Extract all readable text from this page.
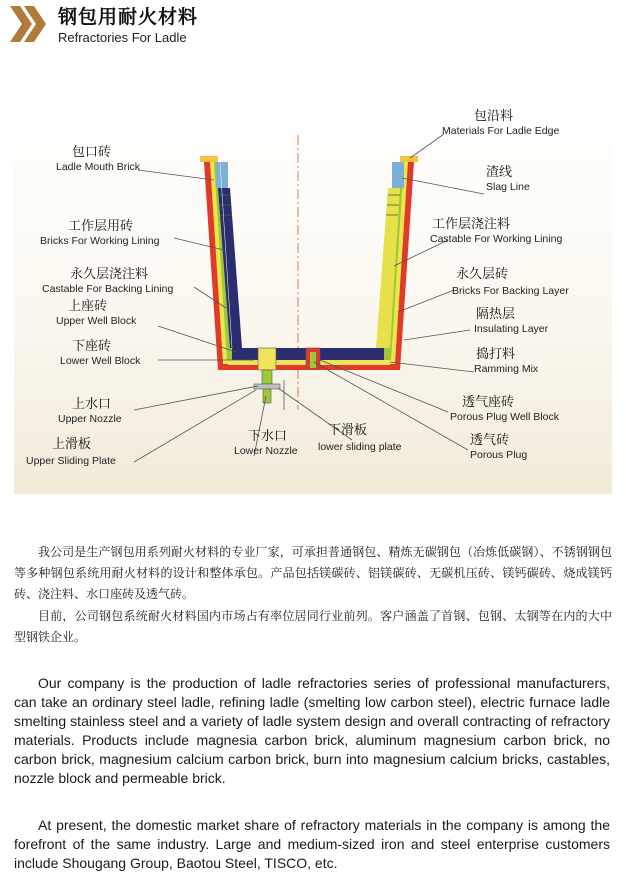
钢包用耐火材料
Refractories For Ladle
包口砖
Ladle Mouth Brick
工作层用砖
Bricks For Working Lining
永久层浇注料
Castable For Backing Lining
上座砖
Upper Well Block
下座砖
Lower Well Block
上水口
Upper Nozzle
上滑板
Upper Sliding Plate
下水口
Lower Nozzle
下滑板
lower sliding plate
包沿料
Materials For Ladle Edge
渣线
Slag Line
工作层浇注料
Castable For Working Lining
永久层砖
Bricks For Backing Layer
隔热层
Insulating Layer
捣打料
Ramming Mix
透气座砖
Porous Plug Well Block
透气砖
Porous Plug
我公司是生产钢包用系列耐火材料的专业厂家，可承担普通钢包、精炼无碳钢包（冶炼低碳钢）、不锈钢钢包等多种钢包系统用耐火材料的设计和整体承包。产品包括镁碳砖、铝镁碳砖、无碳机压砖、镁钙碳砖、烧成镁钙砖、浇注料、水口座砖及透气砖。
目前，公司钢包系统耐火材料国内市场占有率位居同行业前列。客户涵盖了首钢、包钢、太钢等在内的大中型钢铁企业。

Our company is the production of ladle refractories series of professional manufacturers, can take an ordinary steel ladle, refining ladle (smelting low carbon steel), electric furnace ladle smelting stainless steel and a variety of ladle system design and overall contracting of refractory materials. Products include magnesia carbon brick, aluminum magnesium carbon brick, no carbon brick, magnesium calcium carbon brick, burn into magnesium calcium bricks, castables, nozzle block and permeable brick.

At present, the domestic market share of refractory materials in the company is among the forefront of the same industry. Large and medium-sized iron and steel enterprise customers include Shougang Group, Baotou Steel, TISCO, etc.
